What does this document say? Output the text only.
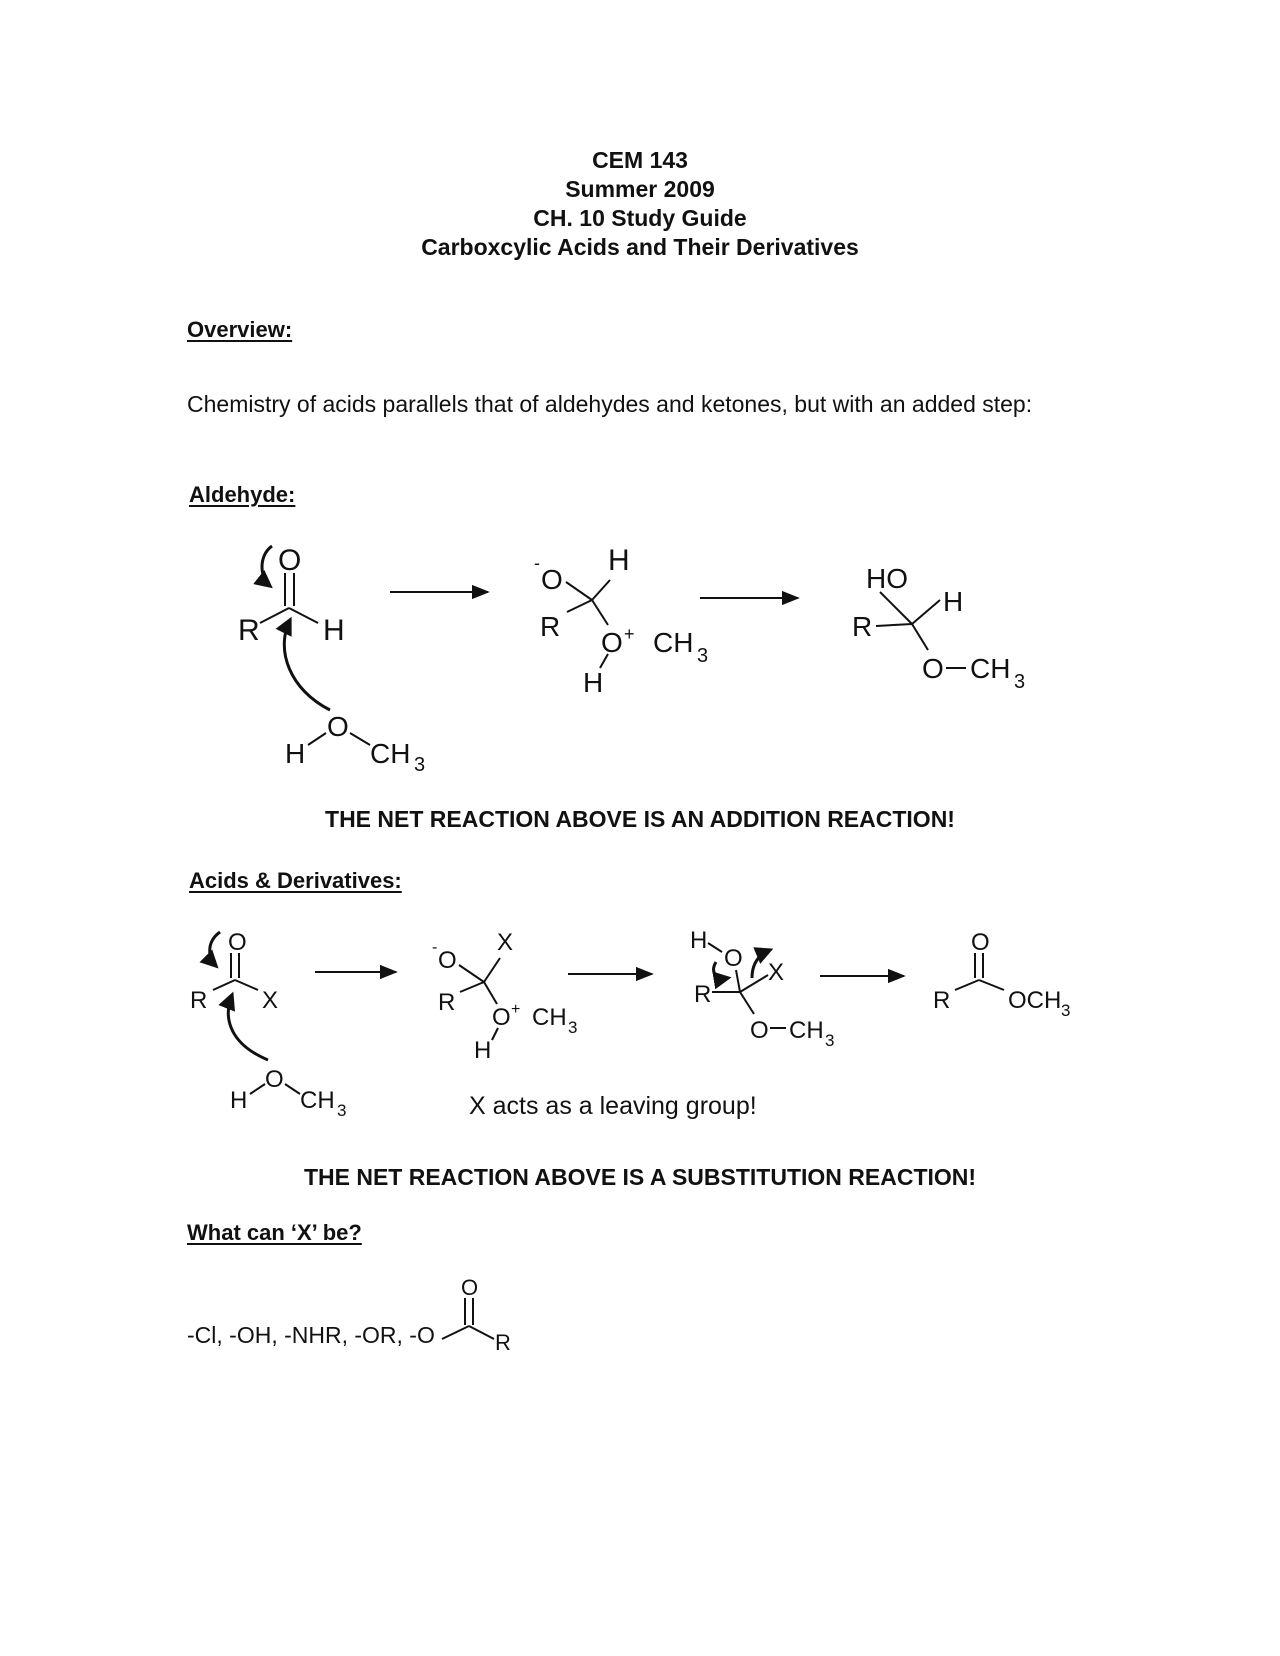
CEM 143
Summer 2009
CH. 10 Study Guide
Carboxcylic Acids and Their Derivatives
Overview:
Chemistry of acids parallels that of aldehydes and ketones, but with an added step:
Aldehyde:
O
R H
H
O
CH 3
-
O
H
R
O + CH 3
H
HO
H
R
O CH 3
THE NET REACTION ABOVE IS AN ADDITION REACTION!
Acids & Derivatives:
O
R X
H
O
CH 3
- O
X
R
O + CH 3
H
H
O
X
R
O CH 3
O
R OCH 3
X acts as a leaving group!
THE NET REACTION ABOVE IS A SUBSTITUTION REACTION!
What can ‘X’ be?
-Cl, -OH, -NHR, -OR, -O
O
R
